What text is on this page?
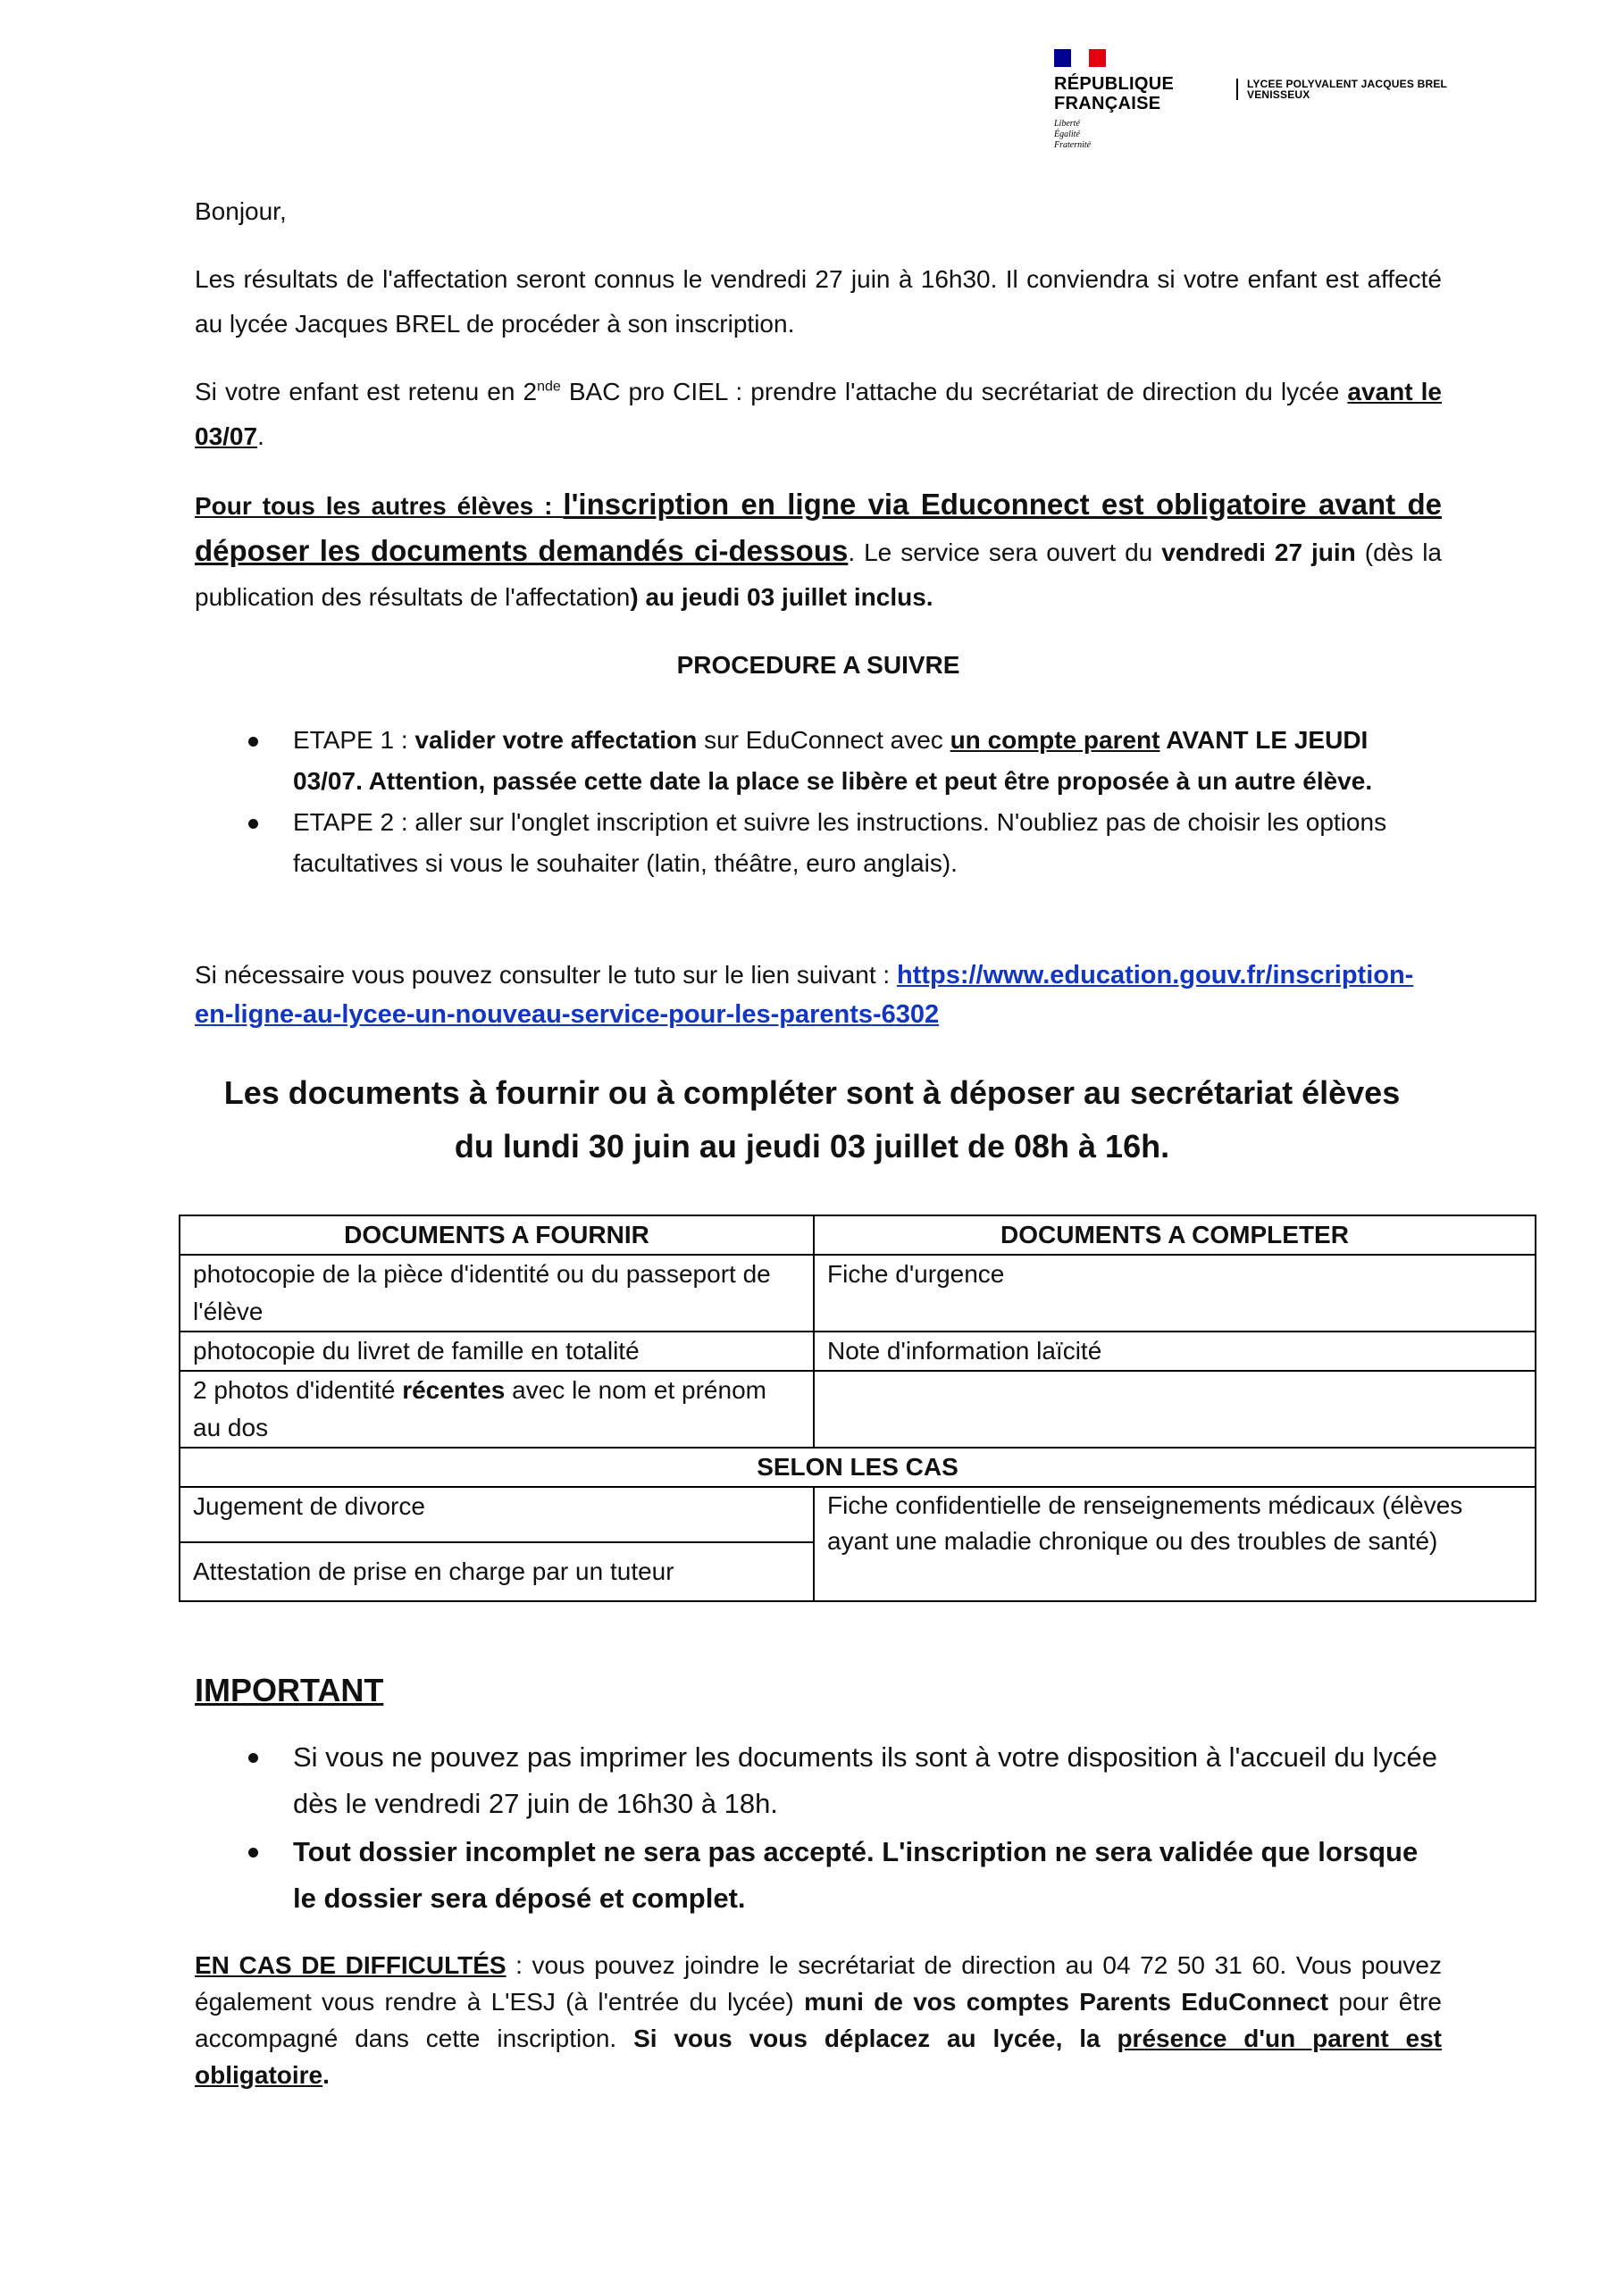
RÉPUBLIQUE
FRANÇAISE
Liberté
Égalité
Fraternité
LYCEE POLYVALENT JACQUES BREL
VENISSEUX

Bonjour,

Les résultats de l'affectation seront connus le vendredi 27 juin à 16h30. Il conviendra si votre enfant est affecté au lycée Jacques BREL de procéder à son inscription.

Si votre enfant est retenu en 2nde BAC pro CIEL : prendre l'attache du secrétariat de direction du lycée avant le 03/07.

Pour tous les autres élèves : l'inscription en ligne via Educonnect est obligatoire avant de déposer les documents demandés ci-dessous. Le service sera ouvert du vendredi 27 juin (dès la publication des résultats de l'affectation) au jeudi 03 juillet inclus.

PROCEDURE A SUIVRE
ETAPE 1 : valider votre affectation sur EduConnect avec un compte parent AVANT LE JEUDI 03/07. Attention, passée cette date la place se libère et peut être proposée à un autre élève.
ETAPE 2 : aller sur l'onglet inscription et suivre les instructions. N'oubliez pas de choisir les options facultatives si vous le souhaiter (latin, théâtre, euro anglais).

Si nécessaire vous pouvez consulter le tuto sur le lien suivant : https://www.education.gouv.fr/inscription-en-ligne-au-lycee-un-nouveau-service-pour-les-parents-6302

Les documents à fournir ou à compléter sont à déposer au secrétariat élèves
du lundi 30 juin au jeudi 03 juillet de 08h à 16h.
DOCUMENTS A FOURNIR	DOCUMENTS A COMPLETER
photocopie de la pièce d'identité ou du passeport de l'élève	Fiche d'urgence
photocopie du livret de famille en totalité	Note d'information laïcité
2 photos d'identité récentes avec le nom et prénom au dos	
SELON LES CAS	
Jugement de divorce	Fiche confidentielle de renseignements médicaux (élèves ayant une maladie chronique ou des troubles de santé)
Attestation de prise en charge par un tuteur	
IMPORTANT
Si vous ne pouvez pas imprimer les documents ils sont à votre disposition à l'accueil du lycée dès le vendredi 27 juin de 16h30 à 18h.
Tout dossier incomplet ne sera pas accepté. L'inscription ne sera validée que lorsque le dossier sera déposé et complet.

EN CAS DE DIFFICULTÉS : vous pouvez joindre le secrétariat de direction au 04 72 50 31 60. Vous pouvez également vous rendre à L'ESJ (à l'entrée du lycée) muni de vos comptes Parents EduConnect pour être accompagné dans cette inscription. Si vous vous déplacez au lycée, la présence d'un parent est obligatoire.
